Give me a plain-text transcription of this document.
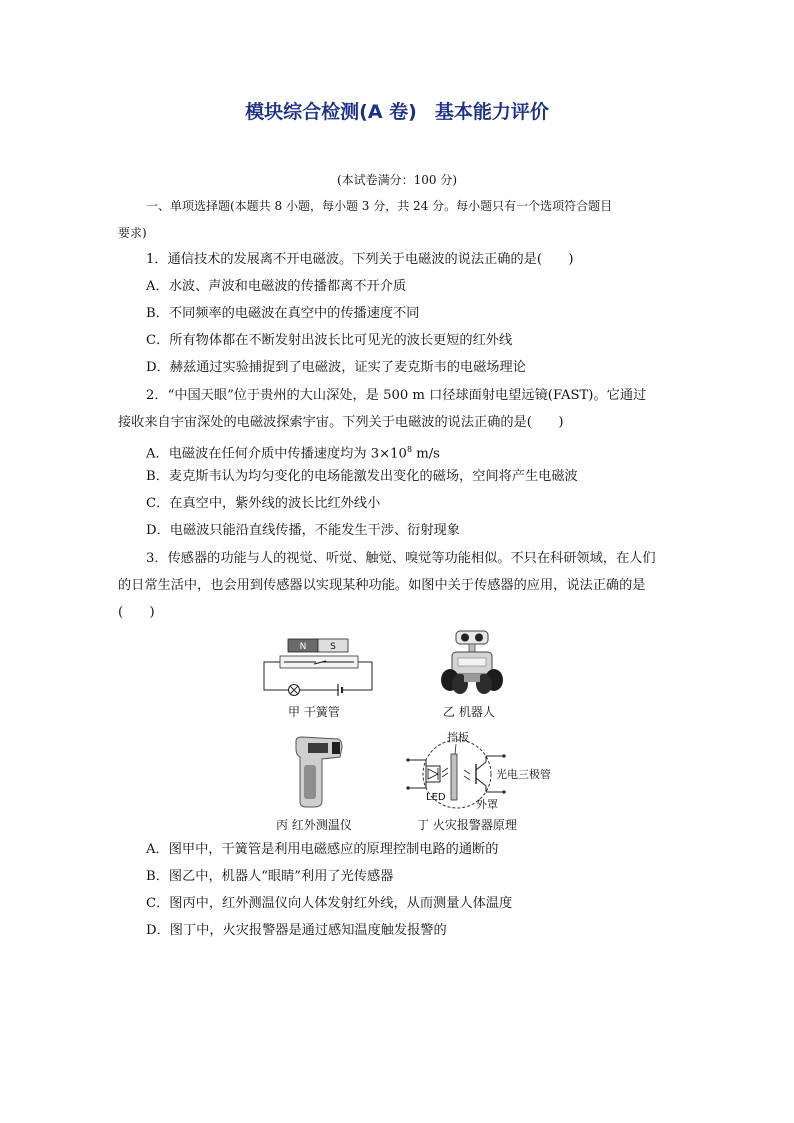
模块综合检测(A 卷) 基本能力评价
(本试卷满分：100 分)
一、单项选择题(本题共 8 小题，每小题 3 分，共 24 分。每小题只有一个选项符合题目
要求)
1．通信技术的发展离不开电磁波。下列关于电磁波的说法正确的是(　　)
A．水波、声波和电磁波的传播都离不开介质
B．不同频率的电磁波在真空中的传播速度不同
C．所有物体都在不断发射出波长比可见光的波长更短的红外线
D．赫兹通过实验捕捉到了电磁波，证实了麦克斯韦的电磁场理论
2．“中国天眼”位于贵州的大山深处，是 500 m 口径球面射电望远镜(FAST)。它通过
接收来自宇宙深处的电磁波探索宇宙。下列关于电磁波的说法正确的是(　　)
A．电磁波在任何介质中传播速度均为 $3\times 10^8$ m/s
B．麦克斯韦认为均匀变化的电场能激发出变化的磁场，空间将产生电磁波
C．在真空中，紫外线的波长比红外线小
D．电磁波只能沿直线传播，不能发生干涉、衍射现象
3．传感器的功能与人的视觉、听觉、触觉、嗅觉等功能相似。不只在科研领域，在人们
的日常生活中，也会用到传感器以实现某种功能。如图中关于传感器的应用，说法正确的是
(　　)
N	S
甲 干簧管	乙 机器人
丙 红外测温仪
挡板
LED
光电三极管
外罩
丁 火灾报警器原理
A．图甲中，干簧管是利用电磁感应的原理控制电路的通断的
B．图乙中，机器人“眼睛”利用了光传感器
C．图丙中，红外测温仪向人体发射红外线，从而测量人体温度
D．图丁中，火灾报警器是通过感知温度触发报警的
